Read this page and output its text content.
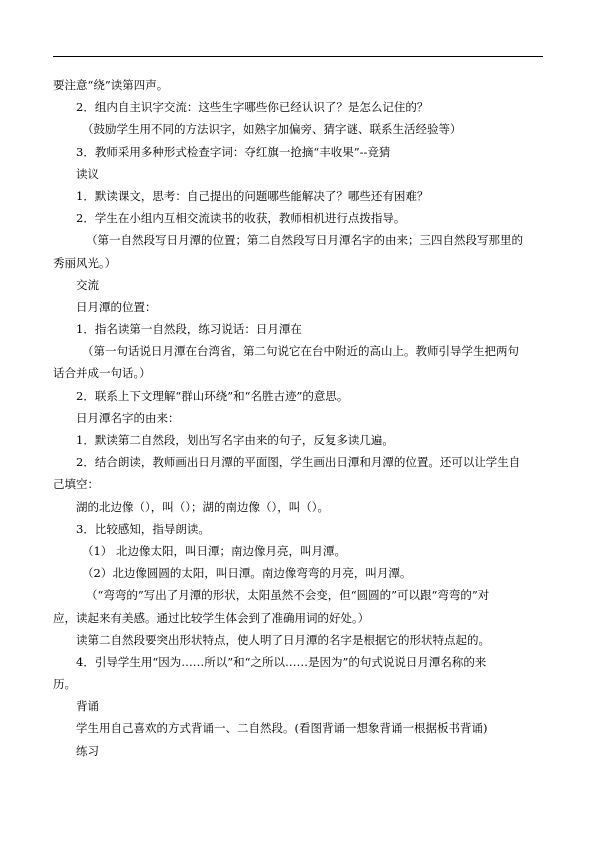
要注意“绕”读第四声。
2．组内自主识字交流：这些生字哪些你已经认识了？是怎么记住的？
（鼓励学生用不同的方法识字，如熟字加偏旁、猜字谜、联系生活经验等）
3．教师采用多种形式检查字词：夺红旗一抢摘“丰收果”--竞猜
读议
1．默读课文，思考：自己提出的问题哪些能解决了？哪些还有困难？
2．学生在小组内互相交流读书的收获，教师相机进行点拨指导。
（第一自然段写日月潭的位置；第二自然段写日月潭名字的由来；三四自然段写那里的
秀丽风光。）
交流
日月潭的位置：
1．指名读第一自然段，练习说话：日月潭在
（第一句话说日月潭在台湾省，第二句说它在台中附近的高山上。教师引导学生把两句
话合并成一句话。）
2．联系上下文理解“群山环绕”和“名胜古迹”的意思。
日月潭名字的由来：
1．默读第二自然段，划出写名字由来的句子，反复多读几遍。
2．结合朗读，教师画出日月潭的平面图，学生画出日潭和月潭的位置。还可以让学生自
己填空：
湖的北边像（），叫（）；湖的南边像（），叫（）。
3．比较感知，指导朗读。
（1） 北边像太阳，叫日潭；南边像月亮，叫月潭。
（2）北边像圆圆的太阳，叫日潭。南边像弯弯的月亮，叫月潭。
（“弯弯的”写出了月潭的形状，太阳虽然不会变，但“圆圆的”可以跟“弯弯的”对
应，读起来有美感。通过比较学生体会到了准确用词的好处。）
读第二自然段要突出形状特点，使人明了日月潭的名字是根据它的形状特点起的。
4．引导学生用“因为……所以”和“之所以……是因为”的句式说说日月潭名称的来
历。
背诵
学生用自己喜欢的方式背诵一、二自然段。(看图背诵一想象背诵一根据板书背诵)
练习
